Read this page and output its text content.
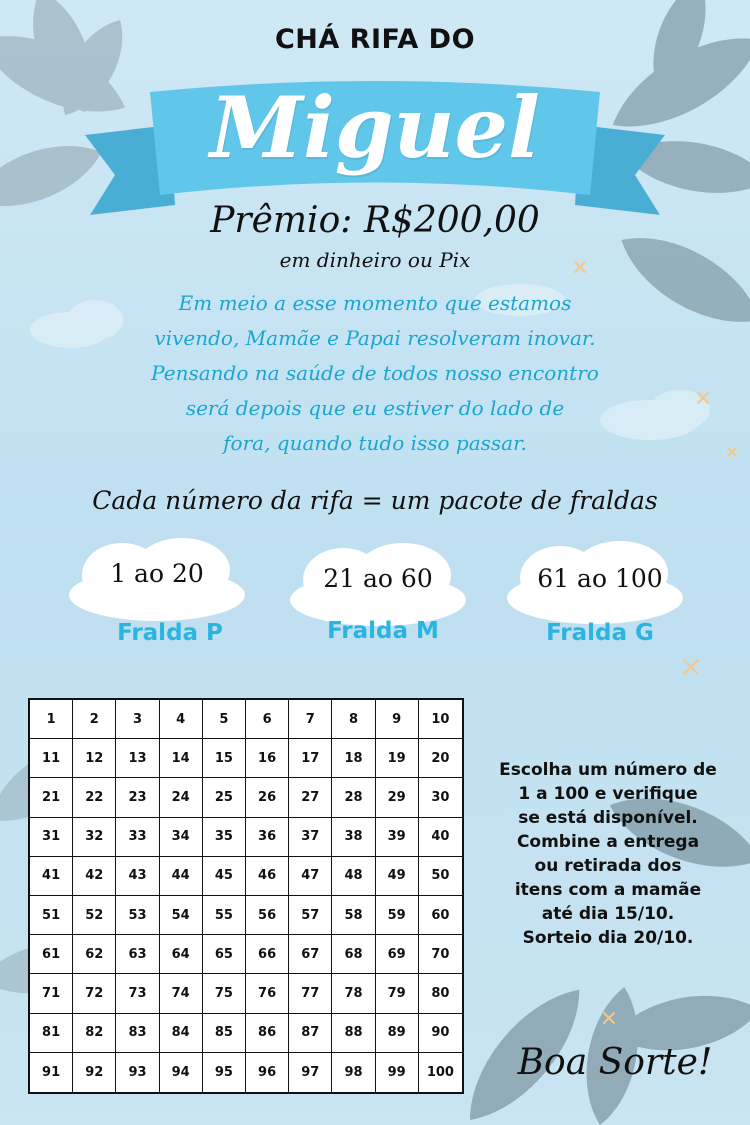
CHÁ RIFA DO

Miguel

Prêmio: R$200,00

em dinheiro ou Pix

Em meio a esse momento que estamos
vivendo, Mamãe e Papai resolveram inovar.
Pensando na saúde de todos nosso encontro
será depois que eu estiver do lado de
fora, quando tudo isso passar.

Cada número da rifa = um pacote de fraldas

1 ao 20	21 ao 60	61 ao 100
Fralda P	Fralda M	Fralda G
1	2	3	4	5	6	7	8	9	10
11	12	13	14	15	16	17	18	19	20
21	22	23	24	25	26	27	28	29	30
31	32	33	34	35	36	37	38	39	40
41	42	43	44	45	46	47	48	49	50
51	52	53	54	55	56	57	58	59	60
61	62	63	64	65	66	67	68	69	70
71	72	73	74	75	76	77	78	79	80
81	82	83	84	85	86	87	88	89	90
91	92	93	94	95	96	97	98	99	100
Escolha um número de
1 a 100 e verifique
se está disponível.
Combine a entrega
ou retirada dos
itens com a mamãe
até dia 15/10.
Sorteio dia 20/10.

Boa Sorte!
